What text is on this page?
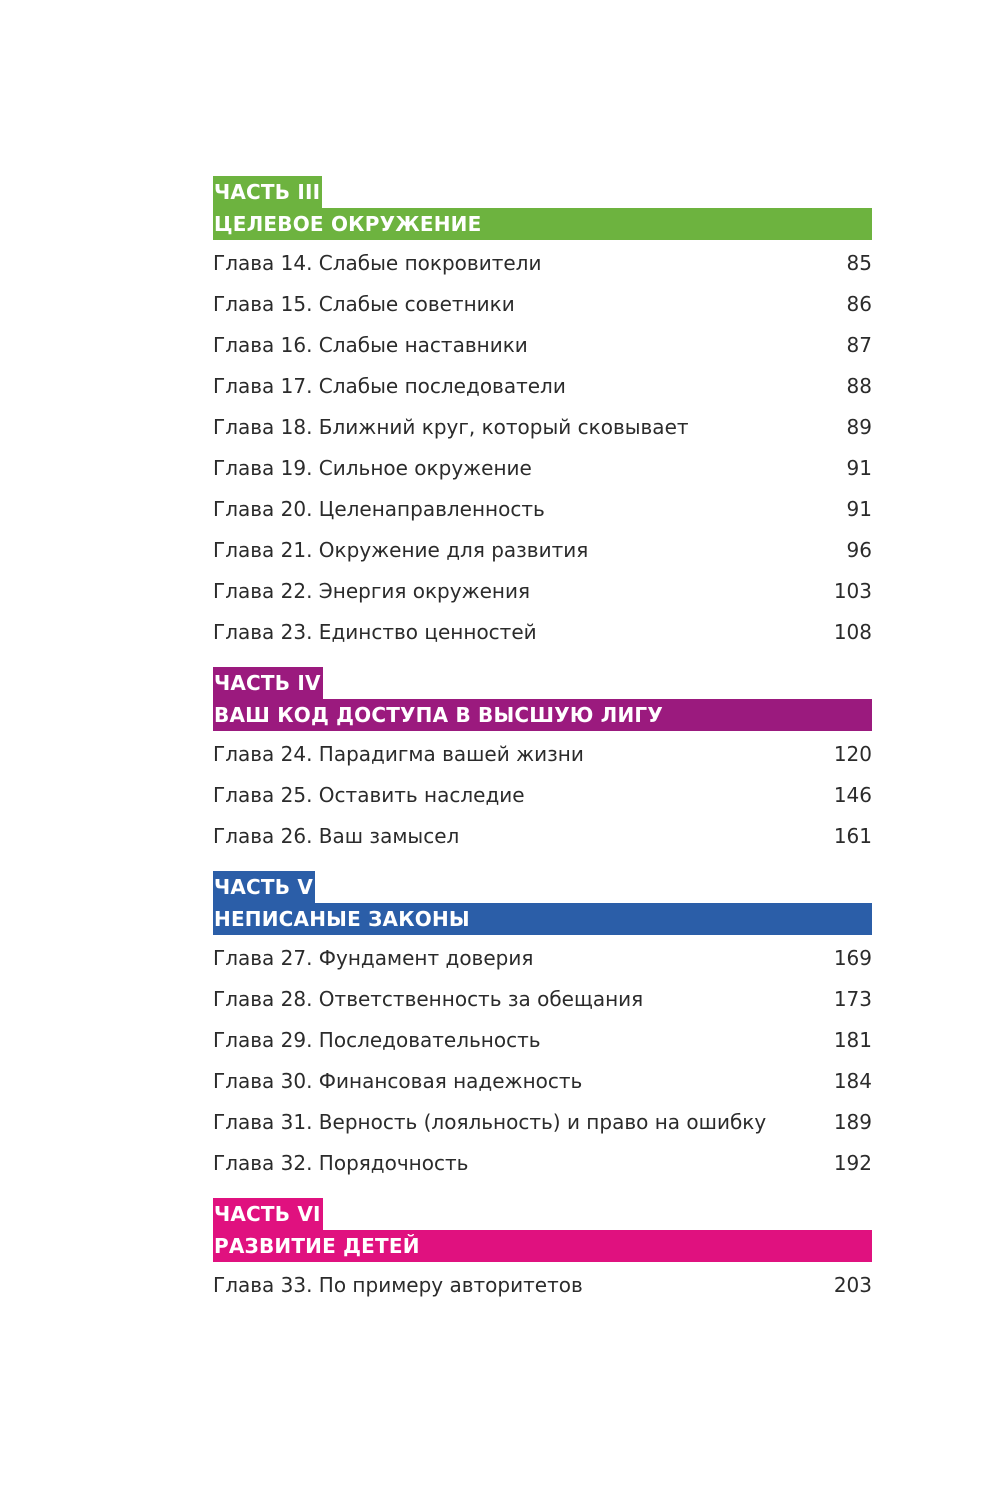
ЧАСТЬ III
ЦЕЛЕВОЕ ОКРУЖЕНИЕ
Глава 14. Слабые покровители	85
Глава 15. Слабые советники	86
Глава 16. Слабые наставники	87
Глава 17. Слабые последователи	88
Глава 18. Ближний круг, который сковывает	89
Глава 19. Сильное окружение	91
Глава 20. Целенаправленность	91
Глава 21. Окружение для развития	96
Глава 22. Энергия окружения	103
Глава 23. Единство ценностей	108
ЧАСТЬ IV
ВАШ КОД ДОСТУПА В ВЫСШУЮ ЛИГУ
Глава 24. Парадигма вашей жизни	120
Глава 25. Оставить наследие	146
Глава 26. Ваш замысел	161
ЧАСТЬ V
НЕПИСАНЫЕ ЗАКОНЫ
Глава 27. Фундамент доверия	169
Глава 28. Ответственность за обещания	173
Глава 29. Последовательность	181
Глава 30. Финансовая надежность	184
Глава 31. Верность (лояльность) и право на ошибку	189
Глава 32. Порядочность	192
ЧАСТЬ VI
РАЗВИТИЕ ДЕТЕЙ
Глава 33. По примеру авторитетов	203
